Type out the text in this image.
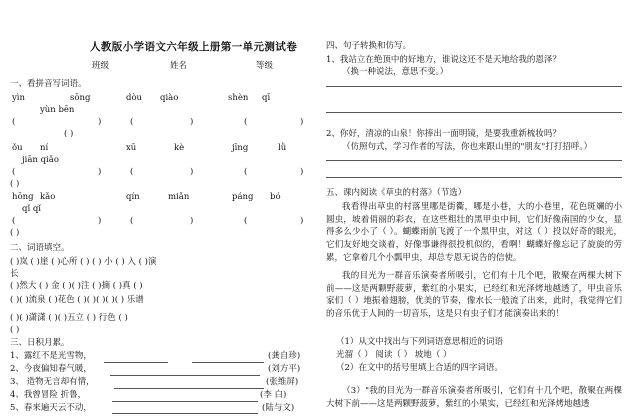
人教版小学语文六年级上册第一单元测试卷
班级	姓名	等级
一、看拼音写词语。
yìn	sōng	dòu qiào	shèn qī
yùn bēn
(	)	(	)	(	)
( )
ǒu ní	xū	kè	jīng	lǜ
jiān qiǎo
(	)	(	)	(	)
( )
hōng kǎo	qín	miǎn	páng bó
qǐ qǐ
(	)	(	)	(	)
( )
二、词语填空。
( )岚 ( )崖 ( )心所 ( ) ( ) 小 ( ) 入 ( )演
长
( )然大 ( ) 金 ( )( )注 ( )摘 ( )真 ( )
( )( )流泉 ( )花色 ( )( )( )( )( ) 乐谱
( )( )潇潇 ( )( )五立 ( ) 行色 ( )
( )
三、日积月累。
1、露红不是光雪物，	(龚自珍)
2、今夜偏知春气暖，	(刘方平)
3、 造物无言却有情，	(张维屏)
4、我曾冒险 折鲁，	(李 白)
5、春来遍天云不动，	(陆与文)
四、句子转换和仿写。
1、我站立在绝顶中的好地方，谁说这还不是天地给我的恩泽？
（换一种说法，意思不变。）
2、你好，清凉的山泉！你捧出一面明镜，是要我重新梳妆吗？
（仿照句式，学习作者的写法，你也来跟山里的"朋友"打打招呼。）
五、课内阅读《草虫的村落》（节选）
我看得出草虫的村落里哪是街衢，哪是小巷，大的小巷里，花色斑斓的小圆虫，坡着俏丽的彩衣，在这些粗壮的黑甲虫中间，它们好像南国的少女，显得多么少小了（ ）。蝴蝶雨前飞渡了一个黑甲虫，对这（ ）投以好奇的眼光，它们友好地交谈着，好像事谦得很投机似的，看啊！蝴蝶好像忘记了旋旋的劳累，它拿着几个小瓢甲虫，却总专恩无说告的信使。
我的目光为一群音乐演奏者所吸引，它们有十几个吧，散聚在两棵大树下前——这是两颗野菠萝，紫红的小果实，已经红和光泽烤地越透了，甲虫音乐家们（ ）地振着翅膀，优美的节奏，像水长一般流了出来，此时，我觉得它们的音乐优于人间的一切音乐，这是只有虫子们才能演奏出来的！
（1）从文中找出与下列词语意思相近的词语
光溜（ ） 阅读（ ） 坡地（ ）
（2）在文中的括号里填上合适的四字词语。
（3）"我的目光为一群音乐演奏者所吸引，它们有十几个吧，散聚在两棵大树下前——这是两颗野菠萝，紫红的小果实，已经红和光泽烤地越透
